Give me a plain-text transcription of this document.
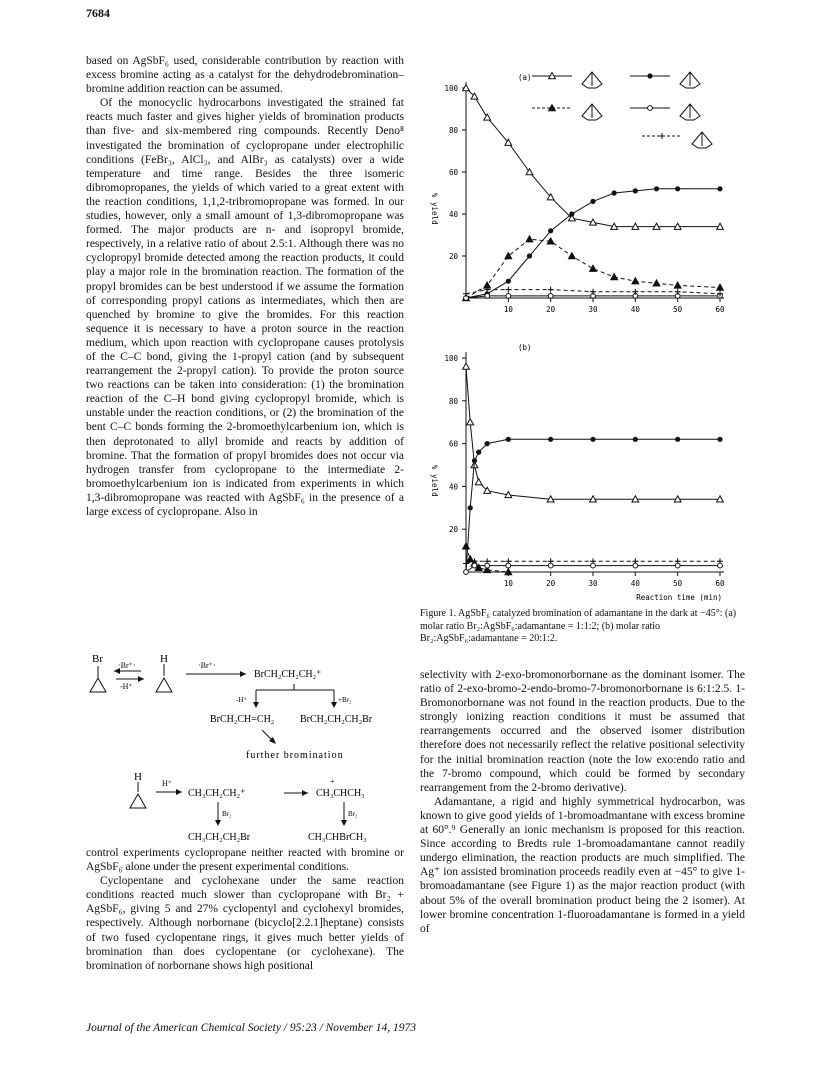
7684

based on AgSbF₆ used, considerable contribution by reaction with excess bromine acting as a catalyst for the dehydrodebromination–bromine addition reaction can be assumed.

Of the monocyclic hydrocarbons investigated the strained fat reacts much faster and gives higher yields of bromination products than five- and six-membered ring compounds. Recently Deno⁸ investigated the bromination of cyclopropane under electrophilic conditions (FeBr₃, AlCl₃, and AlBr₃ as catalysts) over a wide temperature and time range. Besides the three isomeric dibromopropanes, the yields of which varied to a great extent with the reaction conditions, 1,1,2-tribromopropane was formed. In our studies, however, only a small amount of 1,3-dibromopropane was formed. The major products are n- and isopropyl bromide, respectively, in a relative ratio of about 2.5:1. Although there was no cyclopropyl bromide detected among the reaction products, it could play a major role in the bromination reaction. The formation of the propyl bromides can be best understood if we assume the formation of corresponding propyl cations as intermediates, which then are quenched by bromine to give the bromides. For this reaction sequence it is necessary to have a proton source in the reaction medium, which upon reaction with cyclopropane causes protolysis of the C–C bond, giving the 1-propyl cation (and by subsequent rearrangement the 2-propyl cation). To provide the proton source two reactions can be taken into consideration: (1) the bromination reaction of the C–H bond giving cyclopropyl bromide, which is unstable under the reaction conditions, or (2) the bromination of the bent C–C bonds forming the 2-bromoethylcarbenium ion, which is then deprotonated to allyl bromide and reacts by addition of bromine. That the formation of propyl bromides does not occur via hydrogen transfer from cyclopropane to the intermediate 2-bromoethylcarbenium ion is indicated from experiments in which 1,3-dibromopropane was reacted with AgSbF₆ in the presence of a large excess of cyclopropane. Also in

Br
·Br⁺·
-H⁺
H
·Br⁺·
BrCH₂CH₂CH₂⁺
-H⁺	+Br₂
BrCH₂CH=CH₂	BrCH₂CH₂CH₂Br
further bromination
H
H⁺
CH₃CH₂CH₂⁺
+
CH₃CHCH₃
Br₂	Br₂
CH₃CH₂CH₂Br	CH₃CHBrCH₃

control experiments cyclopropane neither reacted with bromine or AgSbF₆ alone under the present experimental conditions.

Cyclopentane and cyclohexane under the same reaction conditions reacted much slower than cyclopropane with Br₂ + AgSbF₆, giving 5 and 27% cyclopentyl and cyclohexyl bromides, respectively. Although norbornane (bicyclo[2.2.1]heptane) consists of two fused cyclopentane rings, it gives much better yields of bromination than does cyclopentane (or cyclohexane). The bromination of norbornane shows high positional

20
40
60
80
100
10	20	30	40	50	60
% yield
(a)
20
40
60
80
100
10	20	30	40	50	60
% yield
(b)
Reaction time (min)
Figure 1. AgSbF₆ catalyzed bromination of adamantane in the dark at −45°: (a) molar ratio Br₂:AgSbF₆:adamantane = 1:1:2; (b) molar ratio Br₂:AgSbF₆:adamantane = 20:1:2.

selectivity with 2-exo-bromonorbornane as the dominant isomer. The ratio of 2-exo-bromo-2-endo-bromo-7-bromonorbornane is 6:1:2.5. 1-Bromonorbornane was not found in the reaction products. Due to the strongly ionizing reaction conditions it must be assumed that rearrangements occurred and the observed isomer distribution therefore does not necessarily reflect the relative positional selectivity for the initial bromination reaction (note the low exo:endo ratio and the 7-bromo compound, which could be formed by secondary rearrangement from the 2-bromo derivative).

Adamantane, a rigid and highly symmetrical hydrocarbon, was known to give good yields of 1-bromoadmantane with excess bromine at 60°.⁹ Generally an ionic mechanism is proposed for this reaction. Since according to Bredts rule 1-bromoadamantane cannot readily undergo elimination, the reaction products are much simplified. The Ag⁺ ion assisted bromination proceeds readily even at −45° to give 1-bromoadamantane (see Figure 1) as the major reaction product (with about 5% of the overall bromination product being the 2 isomer). At lower bromine concentration 1-fluoroadamantane is formed in a yield of

Journal of the American Chemical Society / 95:23 / November 14, 1973
